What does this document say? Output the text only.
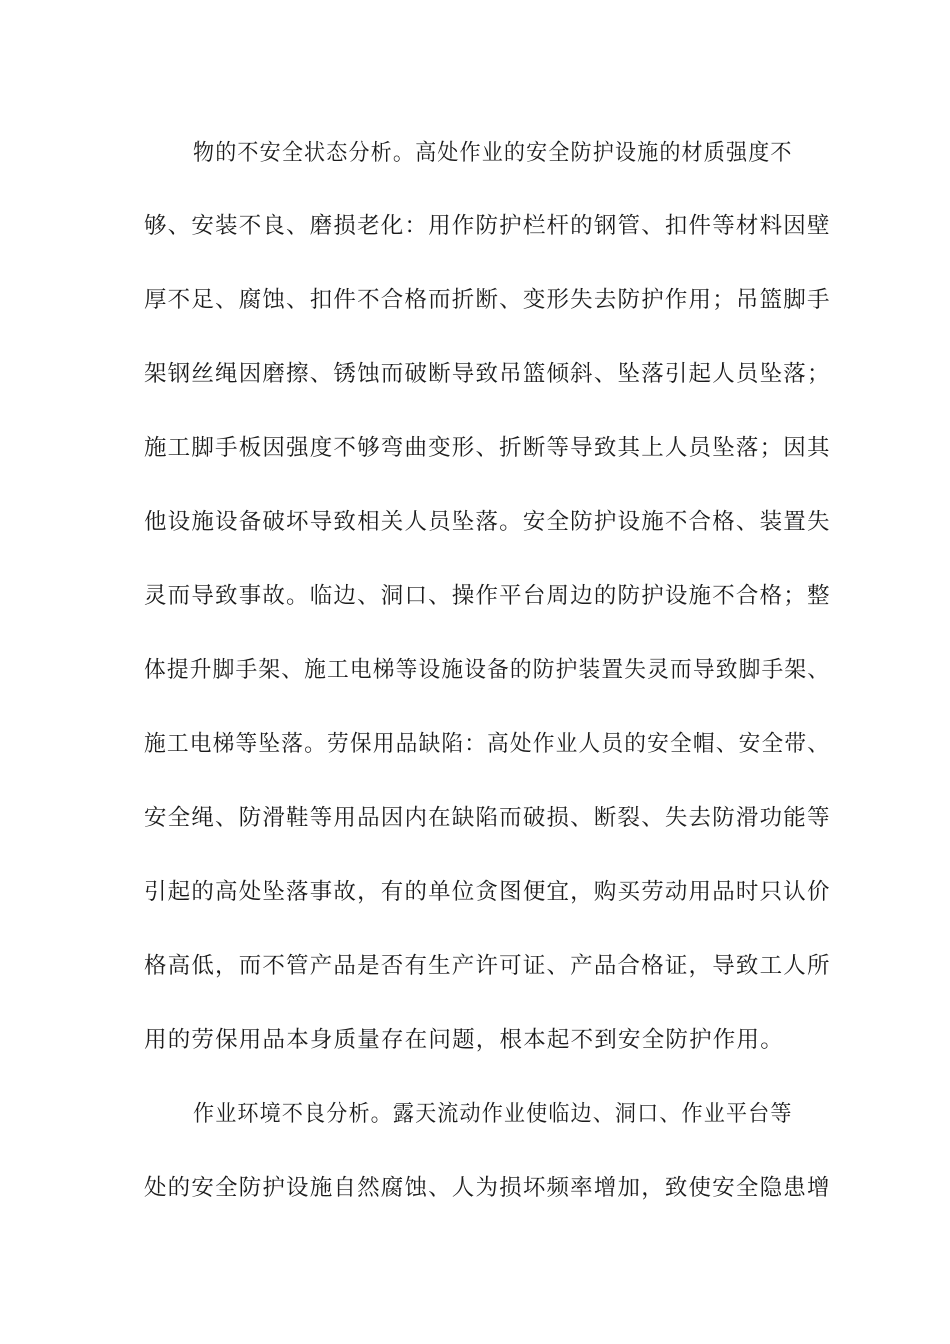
物的不安全状态分析。高处作业的安全防护设施的材质强度不
够、安装不良、磨损老化：用作防护栏杆的钢管、扣件等材料因壁
厚不足、腐蚀、扣件不合格而折断、变形失去防护作用；吊篮脚手
架钢丝绳因磨擦、锈蚀而破断导致吊篮倾斜、坠落引起人员坠落；
施工脚手板因强度不够弯曲变形、折断等导致其上人员坠落；因其
他设施设备破坏导致相关人员坠落。安全防护设施不合格、装置失
灵而导致事故。临边、洞口、操作平台周边的防护设施不合格；整
体提升脚手架、施工电梯等设施设备的防护装置失灵而导致脚手架、
施工电梯等坠落。劳保用品缺陷：高处作业人员的安全帽、安全带、
安全绳、防滑鞋等用品因内在缺陷而破损、断裂、失去防滑功能等
引起的高处坠落事故，有的单位贪图便宜，购买劳动用品时只认价
格高低，而不管产品是否有生产许可证、产品合格证，导致工人所
用的劳保用品本身质量存在问题，根本起不到安全防护作用。
作业环境不良分析。露天流动作业使临边、洞口、作业平台等
处的安全防护设施自然腐蚀、人为损坏频率增加，致使安全隐患增
